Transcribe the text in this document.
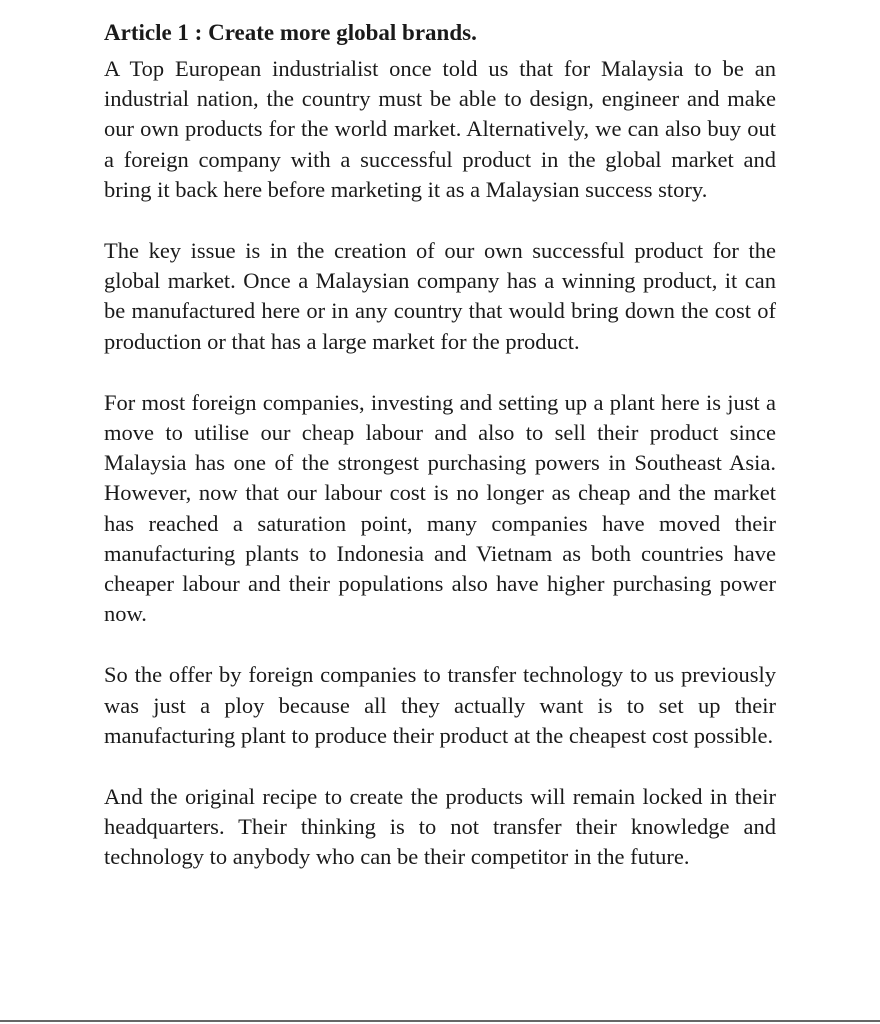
Article 1 : Create more global brands.

A Top European industrialist once told us that for Malaysia to be an industrial nation, the country must be able to design, engineer and make our own products for the world market. Alternatively, we can also buy out a foreign company with a successful product in the global market and bring it back here before marketing it as a Malaysian success story.

The key issue is in the creation of our own successful product for the global market. Once a Malaysian company has a winning product, it can be manufactured here or in any country that would bring down the cost of production or that has a large market for the product.

For most foreign companies, investing and setting up a plant here is just a move to utilise our cheap labour and also to sell their product since Malaysia has one of the strongest purchasing powers in Southeast Asia. However, now that our labour cost is no longer as cheap and the market has reached a saturation point, many companies have moved their manufacturing plants to Indonesia and Vietnam as both countries have cheaper labour and their populations also have higher purchasing power now.

So the offer by foreign companies to transfer technology to us previously was just a ploy because all they actually want is to set up their manufacturing plant to produce their product at the cheapest cost possible.

And the original recipe to create the products will remain locked in their headquarters. Their thinking is to not transfer their knowledge and technology to anybody who can be their competitor in the future.
